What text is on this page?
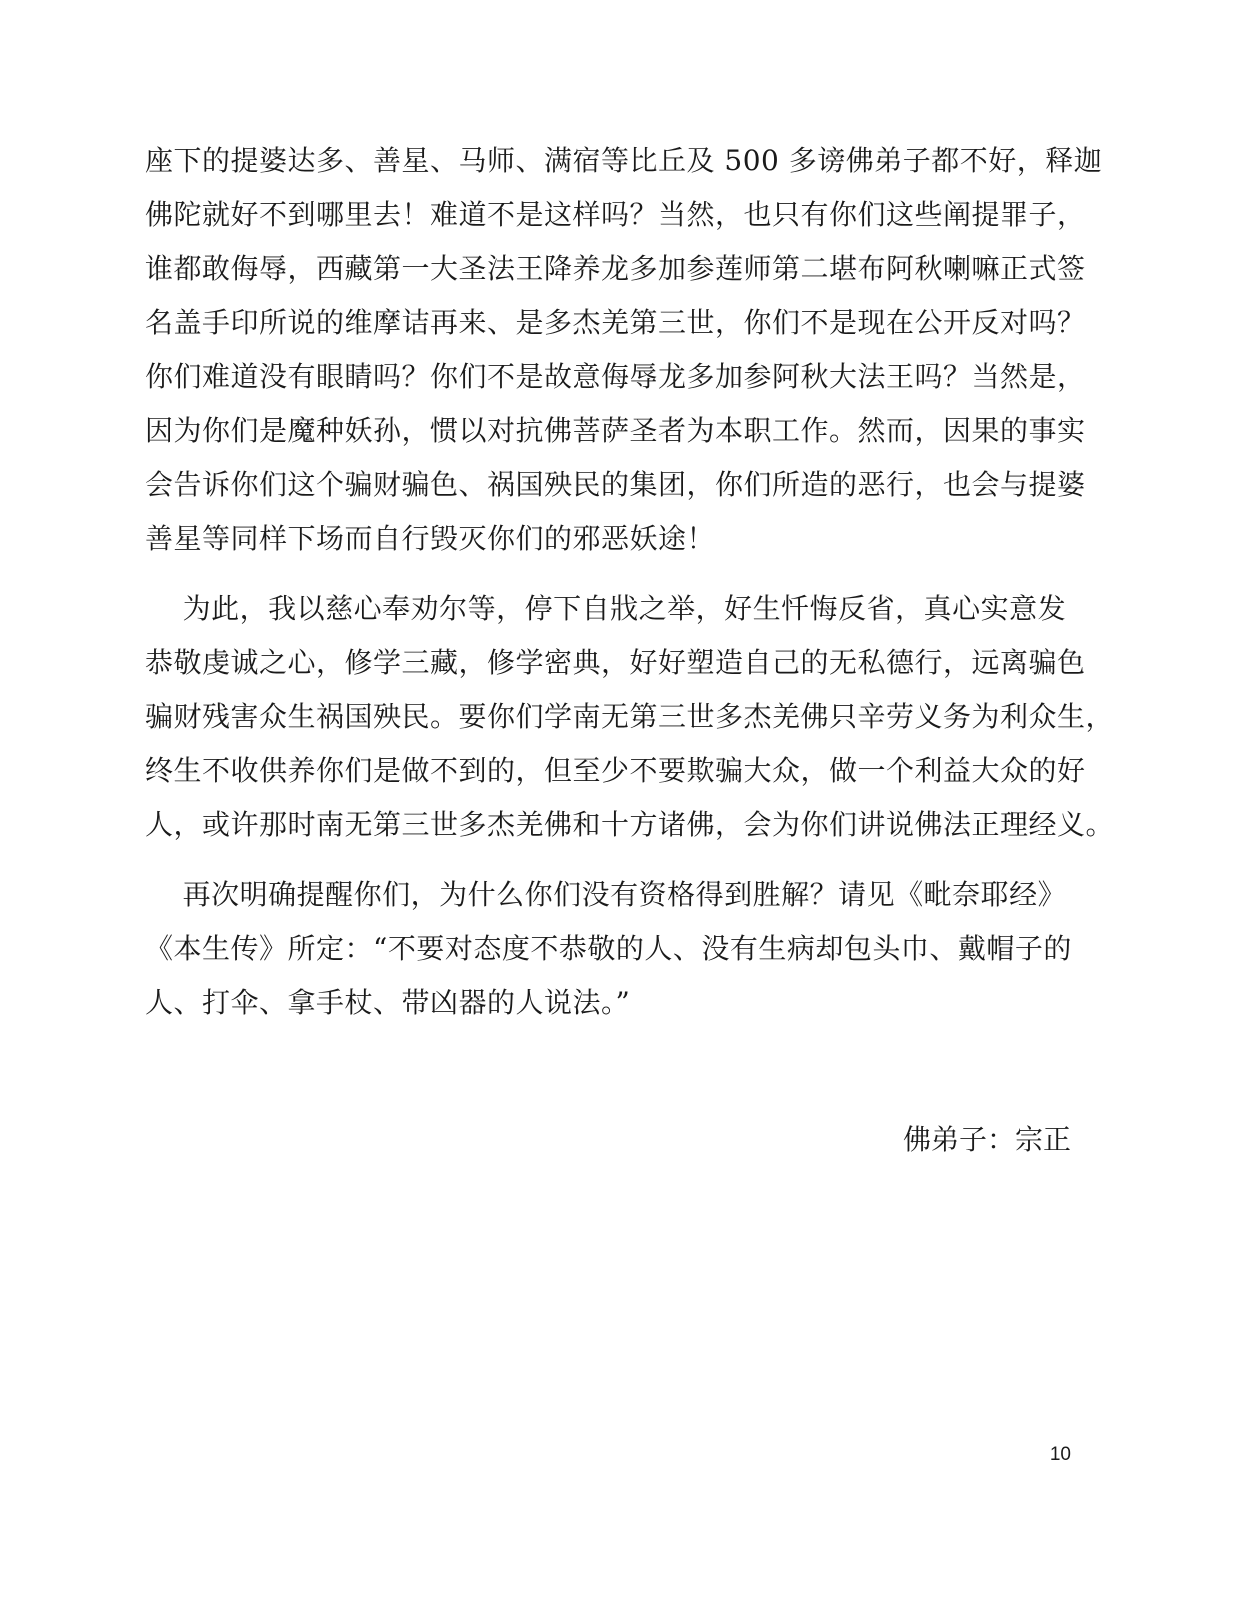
座下的提婆达多、善星、马师、满宿等比丘及 500 多谤佛弟子都不好，释迦
佛陀就好不到哪里去！难道不是这样吗？当然，也只有你们这些阐提罪子，
谁都敢侮辱，西藏第一大圣法王降养龙多加参莲师第二堪布阿秋喇嘛正式签
名盖手印所说的维摩诘再来、是多杰羌第三世，你们不是现在公开反对吗？
你们难道没有眼睛吗？你们不是故意侮辱龙多加参阿秋大法王吗？当然是，
因为你们是魔种妖孙，惯以对抗佛菩萨圣者为本职工作。然而，因果的事实
会告诉你们这个骗财骗色、祸国殃民的集团，你们所造的恶行，也会与提婆
善星等同样下场而自行毁灭你们的邪恶妖途！
为此，我以慈心奉劝尔等，停下自戕之举，好生忏悔反省，真心实意发
恭敬虔诚之心，修学三藏，修学密典，好好塑造自己的无私德行，远离骗色
骗财残害众生祸国殃民。要你们学南无第三世多杰羌佛只辛劳义务为利众生，
终生不收供养你们是做不到的，但至少不要欺骗大众，做一个利益大众的好
人，或许那时南无第三世多杰羌佛和十方诸佛，会为你们讲说佛法正理经义。
再次明确提醒你们，为什么你们没有资格得到胜解？请见《毗奈耶经》
《本生传》所定：“不要对态度不恭敬的人、没有生病却包头巾、戴帽子的
人、打伞、拿手杖、带凶器的人说法。”
佛弟子：宗正
10
